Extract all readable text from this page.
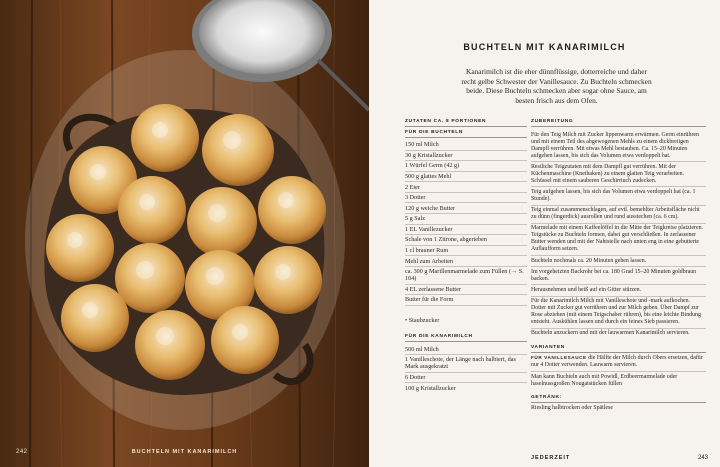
242	BUCHTELN MIT KANARIMILCH
BUCHTELN MIT KANARIMILCH
Kanarimilch ist die eher dünnflüssige, dotterreiche und daher recht gelbe Schwester der Vanillesauce. Zu Buchteln schmecken beide. Diese Buchteln schmecken aber sogar ohne Sauce, am besten frisch aus dem Ofen.
ZUTATEN CA. 8 PORTIONEN
FÜR DIE BUCHTELN
150 ml Milch
30 g Kristallzucker
1 Würfel Germ (42 g)
500 g glattes Mehl
2 Eier
3 Dotter
120 g weiche Butter
5 g Salz
1 EL Vanillezucker
Schale von 1 Zitrone, abgerieben
1 cl brauner Rum
Mehl zum Arbeiten
ca. 300 g Marillenmarmelade zum Füllen (→ S. 104)
4 EL zerlassene Butter
Butter für die Form
• Staubzucker
FÜR DIE KANARIMILCH
500 ml Milch
1 Vanilleschote, der Länge nach halbiert, das Mark ausgekratzt
6 Dotter
100 g Kristallzucker
ZUBEREITUNG
Für den Teig Milch mit Zucker lippenwarm erwärmen. Germ einrühren und mit einem Teil des abgewogenen Mehls zu einem dickbreiigen Dampfl verrühren. Mit etwas Mehl bestauben. Ca. 15–20 Minuten aufgehen lassen, bis sich das Volumen etwa verdoppelt hat.
Restliche Teigzutaten mit dem Dampfl gut verrühren. Mit der Küchenmaschine (Knethaken) zu einem glatten Teig verarbeiten. Schüssel mit einem sauberen Geschirrtuch zudecken.
Teig aufgehen lassen, bis sich das Volumen etwa verdoppelt hat (ca. 1 Stunde).
Teig einmal zusammenschlagen, auf evtl. bemehlter Arbeitsfläche nicht zu dünn (fingerdick) ausrollen und rund ausstechen (ca. 6 cm).
Marmelade mit einem Kaffeelöffel in die Mitte der Teigkreise platzieren. Teigstücke zu Buchteln formen, dabei gut verschließen. In zerlassener Butter wenden und mit der Nahtstelle nach unten eng in eine gebutterte Auflaufform setzen.
Buchteln nochmals ca. 20 Minuten gehen lassen.
Im vorgeheizten Backrohr bei ca. 180 Grad 15–20 Minuten goldbraun backen.
Herausnehmen und heiß auf ein Gitter stürzen.
Für die Kanarimilch Milch mit Vanilleschote und -mark aufkochen. Dotter mit Zucker gut verrühren und zur Milch geben. Über Dampf zur Rose abziehen (mit einem Teigschaber rühren), bis eine leichte Bindung entsteht. Auskühlen lassen und durch ein feines Sieb passieren.
Buchteln anzuckern und mit der lauwarmen Kanarimilch servieren.
VARIANTEN
FÜR VANILLESAUCE die Hälfte der Milch durch Obers ersetzen, dafür nur 4 Dotter verwenden. Lauwarm servieren.
Man kann Buchteln auch mit Powidl, Erdbeermarmelade oder haselnussgroßen Nougatstücken füllen
GETRÄNK:
Riesling halbtrocken oder Spätlese
JEDERZEIT	243
